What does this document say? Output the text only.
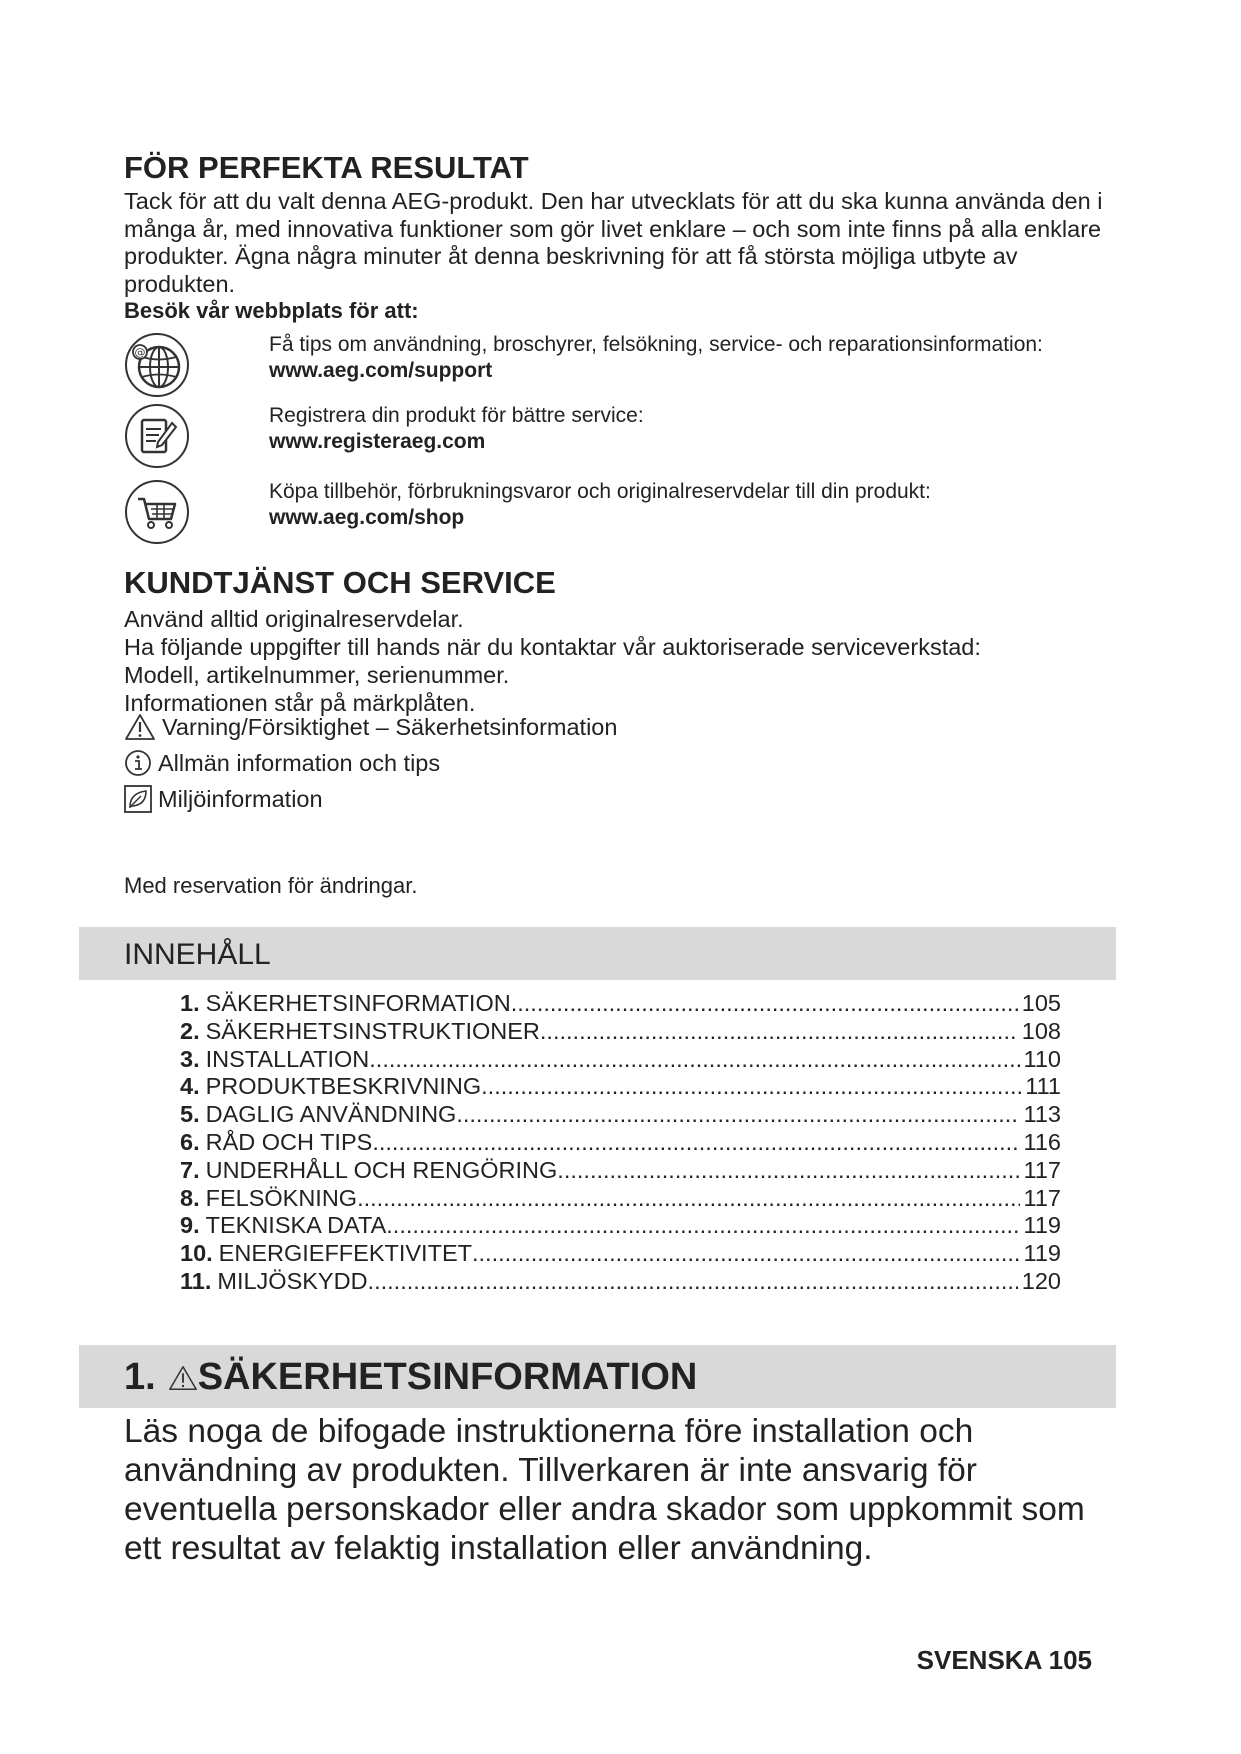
FÖR PERFEKTA RESULTAT
Tack för att du valt denna AEG-produkt. Den har utvecklats för att du ska kunna använda den i många år, med innovativa funktioner som gör livet enklare – och som inte finns på alla enklare produkter. Ägna några minuter åt denna beskrivning för att få största möjliga utbyte av produkten.
Besök vår webbplats för att:
@	Få tips om användning, broschyrer, felsökning, service- och reparationsinformation:
www.aeg.com/support
Registrera din produkt för bättre service:
www.registeraeg.com
Köpa tillbehör, förbrukningsvaror och originalreservdelar till din produkt:
www.aeg.com/shop
KUNDTJÄNST OCH SERVICE
Använd alltid originalreservdelar.
Ha följande uppgifter till hands när du kontaktar vår auktoriserade serviceverkstad:
Modell, artikelnummer, serienummer.
Informationen står på märkplåten.
Varning/Försiktighet – Säkerhetsinformation
Allmän information och tips
Miljöinformation
Med reservation för ändringar.
INNEHÅLL
1. SÄKERHETSINFORMATION .....	105
2. SÄKERHETSINSTRUKTIONER .....	108
3. INSTALLATION .....	110
4. PRODUKTBESKRIVNING .....	111
5. DAGLIG ANVÄNDNING .....	113
6. RÅD OCH TIPS .....	116
7. UNDERHÅLL OCH RENGÖRING .....	117
8. FELSÖKNING .....	117
9. TEKNISKA DATA .....	119
10. ENERGIEFFEKTIVITET .....	119
11. MILJÖSKYDD .....	120
1. SÄKERHETSINFORMATION
Läs noga de bifogade instruktionerna före installation och användning av produkten. Tillverkaren är inte ansvarig för eventuella personskador eller andra skador som uppkommit som ett resultat av felaktig installation eller användning.
SVENSKA 105
